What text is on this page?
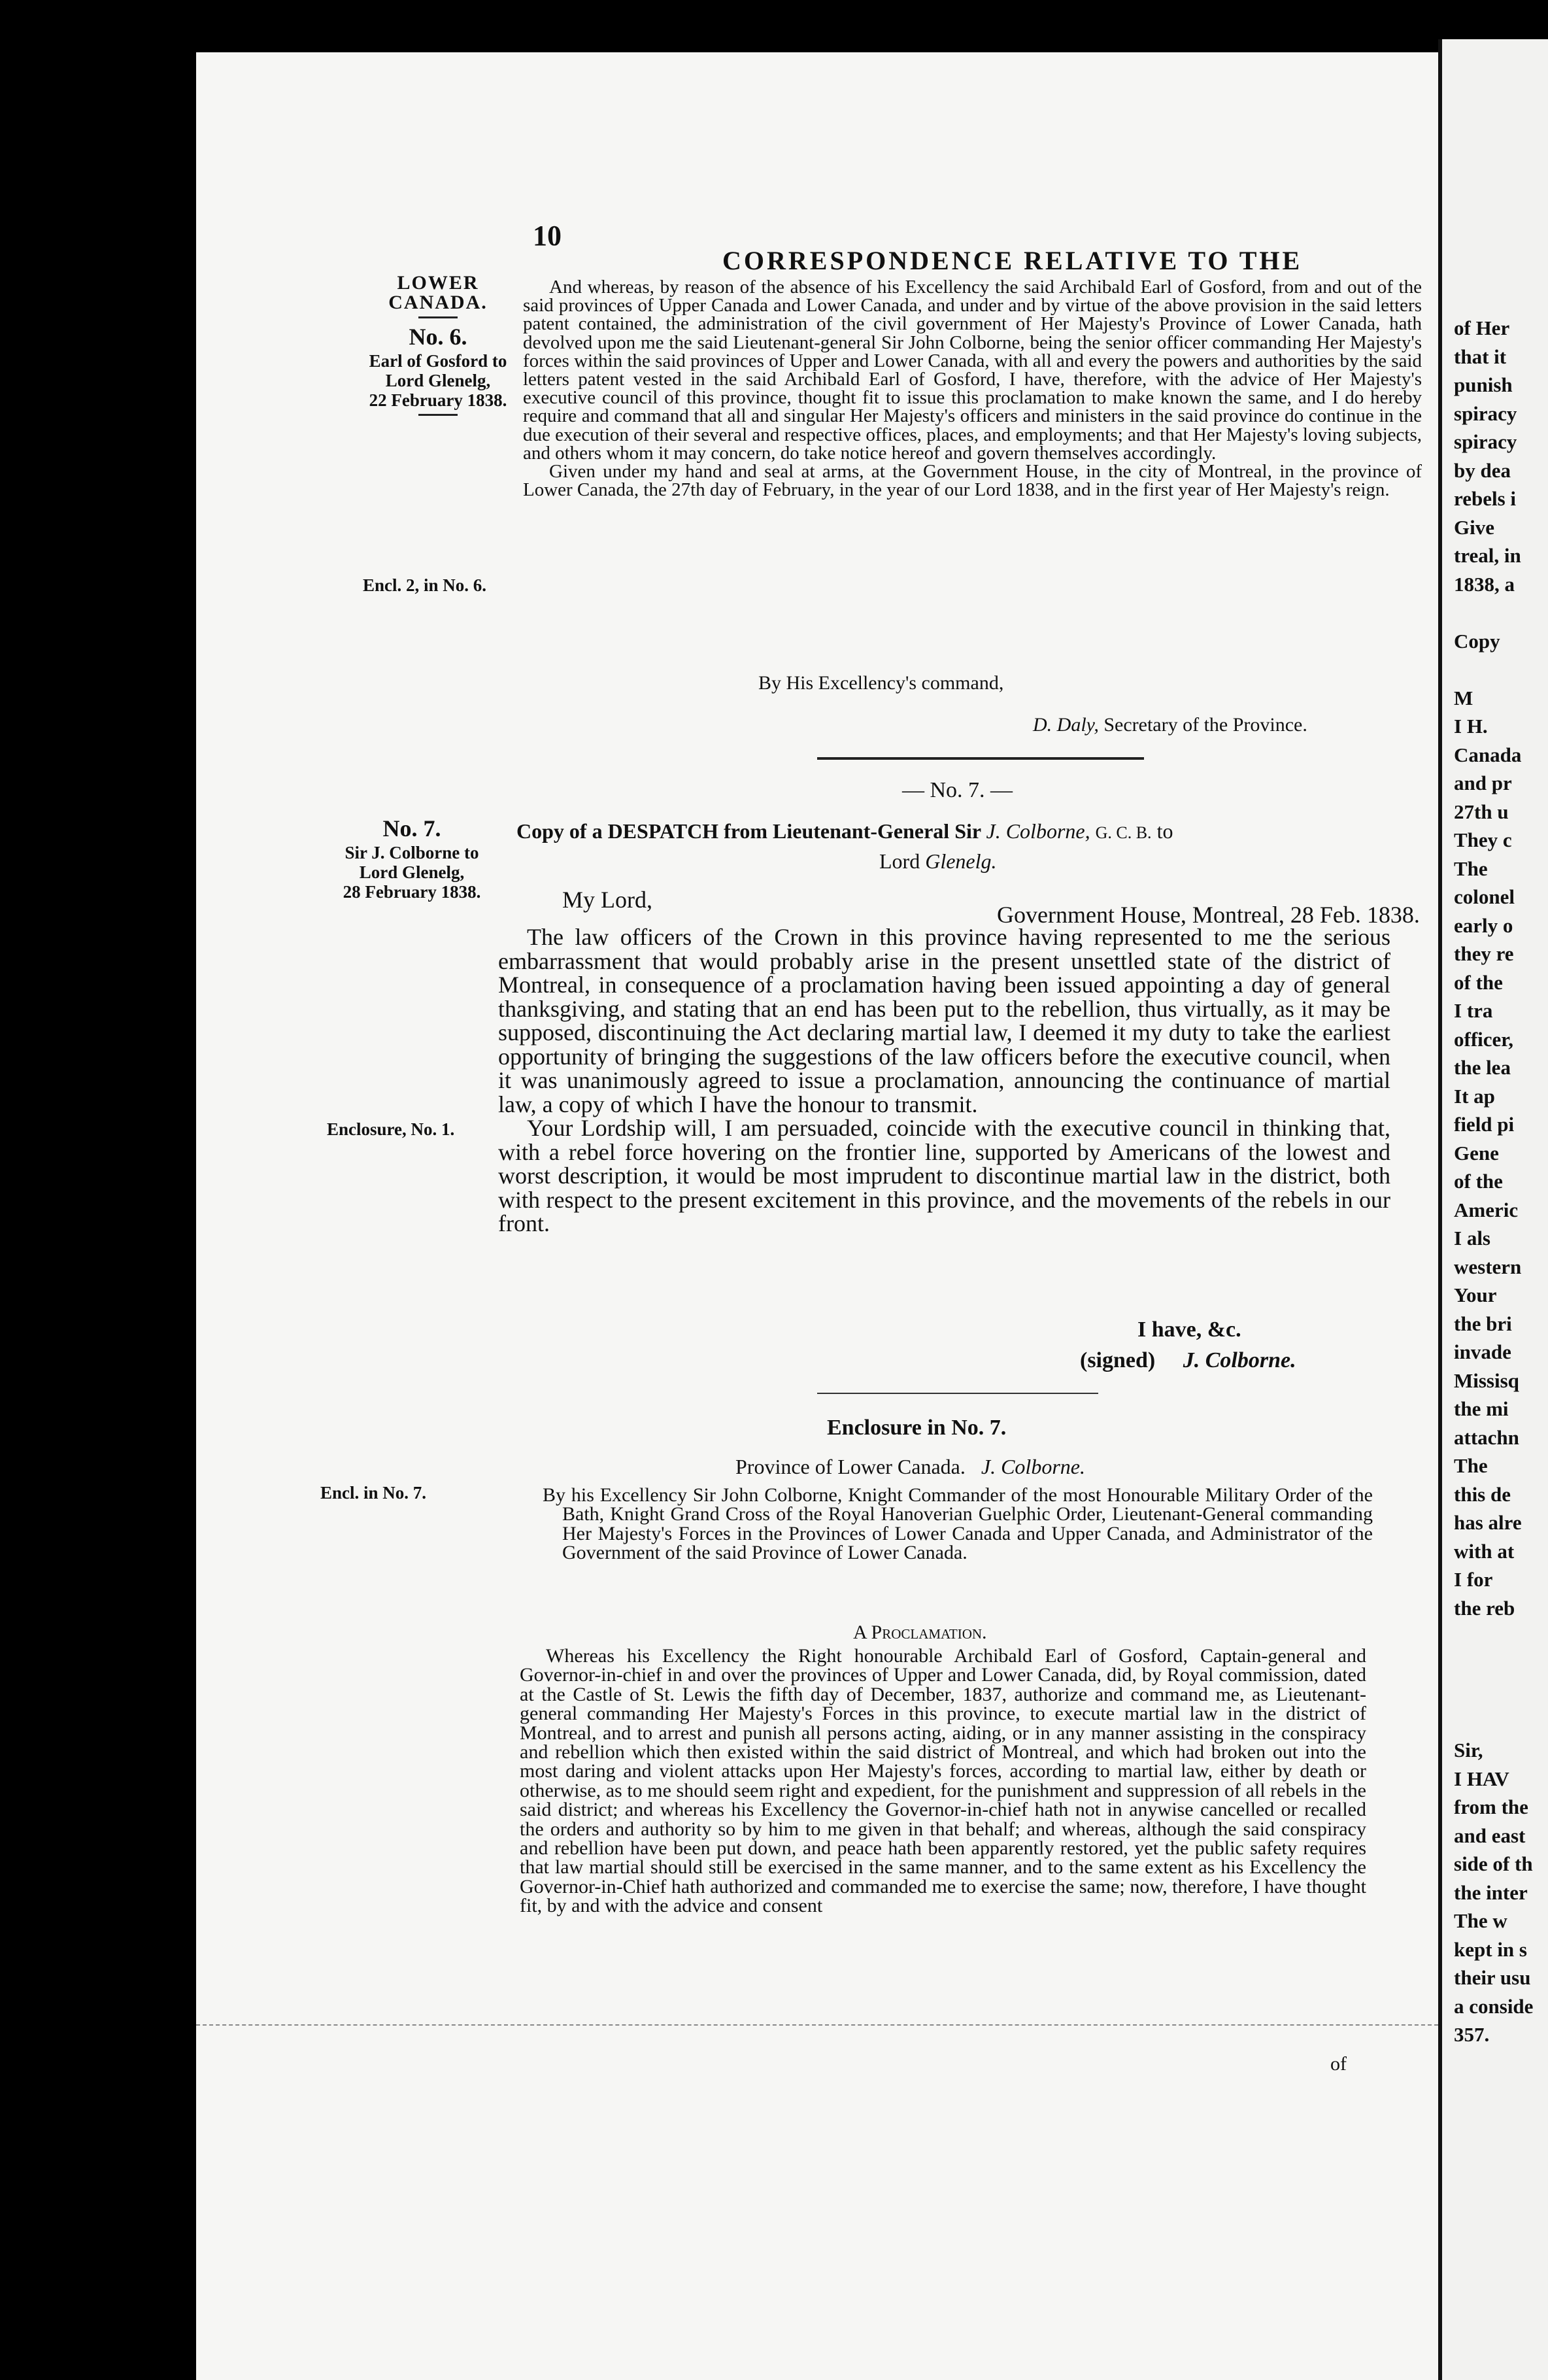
10
CORRESPONDENCE RELATIVE TO THE
LOWER
CANADA.
No. 6.
Earl of Gosford to
Lord Glenelg,
22 February 1838.
Encl. 2, in No. 6.

And whereas, by reason of the absence of his Excellency the said Archibald Earl of Gosford, from and out of the said provinces of Upper Canada and Lower Canada, and under and by virtue of the above provision in the said letters patent contained, the administration of the civil government of Her Majesty's Province of Lower Canada, hath devolved upon me the said Lieutenant-general Sir John Colborne, being the senior officer commanding Her Majesty's forces within the said provinces of Upper and Lower Canada, with all and every the powers and authorities by the said letters patent vested in the said Archibald Earl of Gosford, I have, therefore, with the advice of Her Majesty's executive council of this province, thought fit to issue this proclamation to make known the same, and I do hereby require and command that all and singular Her Majesty's officers and ministers in the said province do continue in the due execution of their several and respective offices, places, and employments; and that Her Majesty's loving subjects, and others whom it may concern, do take notice hereof and govern themselves accordingly.

Given under my hand and seal at arms, at the Government House, in the city of Montreal, in the province of Lower Canada, the 27th day of February, in the year of our Lord 1838, and in the first year of Her Majesty's reign.

By His Excellency's command,
D. Daly, Secretary of the Province.
— No. 7. —
No. 7.
Sir J. Colborne to
Lord Glenelg,
28 February 1838.
Copy of a DESPATCH from Lieutenant-General Sir J. Colborne, G. C. B. to
Lord Glenelg.
My Lord,
Government House, Montreal, 28 Feb. 1838.

The law officers of the Crown in this province having represented to me the serious embarrassment that would probably arise in the present unsettled state of the district of Montreal, in consequence of a proclamation having been issued appointing a day of general thanksgiving, and stating that an end has been put to the rebellion, thus virtually, as it may be supposed, discontinuing the Act declaring martial law, I deemed it my duty to take the earliest opportunity of bringing the suggestions of the law officers before the executive council, when it was unanimously agreed to issue a proclamation, announcing the continuance of martial law, a copy of which I have the honour to transmit.

Your Lordship will, I am persuaded, coincide with the executive council in thinking that, with a rebel force hovering on the frontier line, supported by Americans of the lowest and worst description, it would be most imprudent to discontinue martial law in the district, both with respect to the present excitement in this province, and the movements of the rebels in our front.

Enclosure, No. 1.
I have, &c.
(signed) J. Colborne.
Enclosure in No. 7.
Province of Lower Canada. J. Colborne.
Encl. in No. 7.	By his Excellency Sir John Colborne, Knight Commander of the most Honourable Military Order of the Bath, Knight Grand Cross of the Royal Hanoverian Guelphic Order, Lieutenant-General commanding Her Majesty's Forces in the Provinces of Lower Canada and Upper Canada, and Administrator of the Government of the said Province of Lower Canada.

A Proclamation.

Whereas his Excellency the Right honourable Archibald Earl of Gosford, Captain-general and Governor-in-chief in and over the provinces of Upper and Lower Canada, did, by Royal commission, dated at the Castle of St. Lewis the fifth day of December, 1837, authorize and command me, as Lieutenant-general commanding Her Majesty's Forces in this province, to execute martial law in the district of Montreal, and to arrest and punish all persons acting, aiding, or in any manner assisting in the conspiracy and rebellion which then existed within the said district of Montreal, and which had broken out into the most daring and violent attacks upon Her Majesty's forces, according to martial law, either by death or otherwise, as to me should seem right and expedient, for the punishment and suppression of all rebels in the said district; and whereas his Excellency the Governor-in-chief hath not in anywise cancelled or recalled the orders and authority so by him to me given in that behalf; and whereas, although the said conspiracy and rebellion have been put down, and peace hath been apparently restored, yet the public safety requires that law martial should still be exercised in the same manner, and to the same extent as his Excellency the Governor-in-Chief hath authorized and commanded me to exercise the same; now, therefore, I have thought fit, by and with the advice and consent

of
of Her
that it
punish
spiracy
spiracy
by dea
rebels i
Give
treal, in
1838, a

Copy

M
I H.
Canada
and pr
27th u
They c
The
colonel
early o
they re
of the
I tra
officer,
the lea
It ap
field pi
Gene
of the
Americ
I als
western
Your
the bri
invade
Missisq
the mi
attachn
The
this de
has alre
with at
I for
the reb

Sir,
I HAV
from the
and east
side of th
the inter
The w
kept in s
their usu
a conside
357.
